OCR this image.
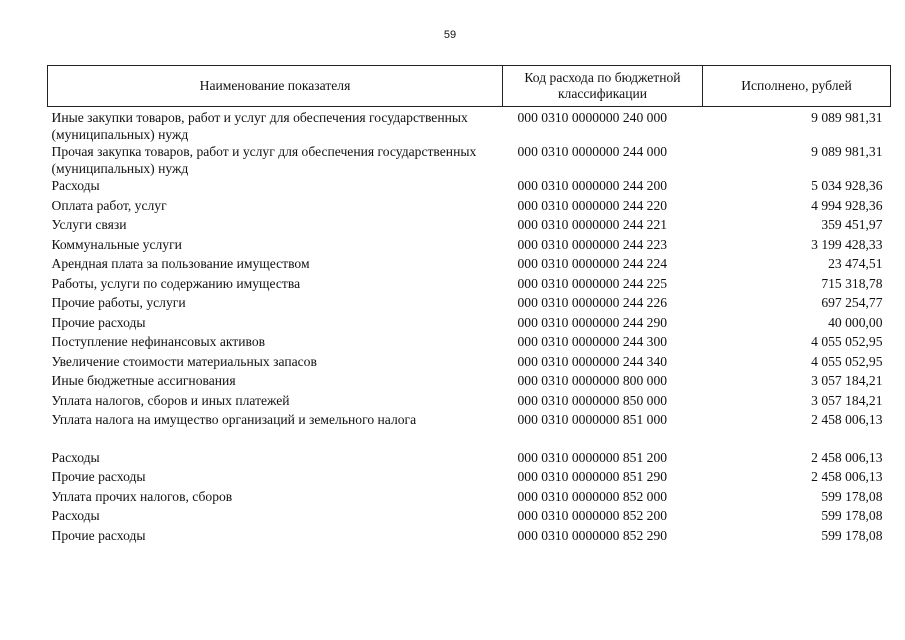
59
Наименование показателя	Код расхода по бюджетной классификации	Исполнено, рублей
Иные закупки товаров, работ и услуг для обеспечения государственных (муниципальных) нужд	000 0310 0000000 240 000	9 089 981,31
Прочая закупка товаров, работ и услуг для обеспечения государственных (муниципальных) нужд	000 0310 0000000 244 000	9 089 981,31
Расходы	000 0310 0000000 244 200	5 034 928,36
Оплата работ, услуг	000 0310 0000000 244 220	4 994 928,36
Услуги связи	000 0310 0000000 244 221	359 451,97
Коммунальные услуги	000 0310 0000000 244 223	3 199 428,33
Арендная плата за пользование имуществом	000 0310 0000000 244 224	23 474,51
Работы, услуги по содержанию имущества	000 0310 0000000 244 225	715 318,78
Прочие работы, услуги	000 0310 0000000 244 226	697 254,77
Прочие расходы	000 0310 0000000 244 290	40 000,00
Поступление нефинансовых активов	000 0310 0000000 244 300	4 055 052,95
Увеличение стоимости материальных запасов	000 0310 0000000 244 340	4 055 052,95
Иные бюджетные ассигнования	000 0310 0000000 800 000	3 057 184,21
Уплата налогов, сборов и иных платежей	000 0310 0000000 850 000	3 057 184,21
Уплата налога на имущество организаций и земельного налога	000 0310 0000000 851 000	2 458 006,13

Расходы	000 0310 0000000 851 200	2 458 006,13
Прочие расходы	000 0310 0000000 851 290	2 458 006,13
Уплата прочих налогов, сборов	000 0310 0000000 852 000	599 178,08
Расходы	000 0310 0000000 852 200	599 178,08
Прочие расходы	000 0310 0000000 852 290	599 178,08
